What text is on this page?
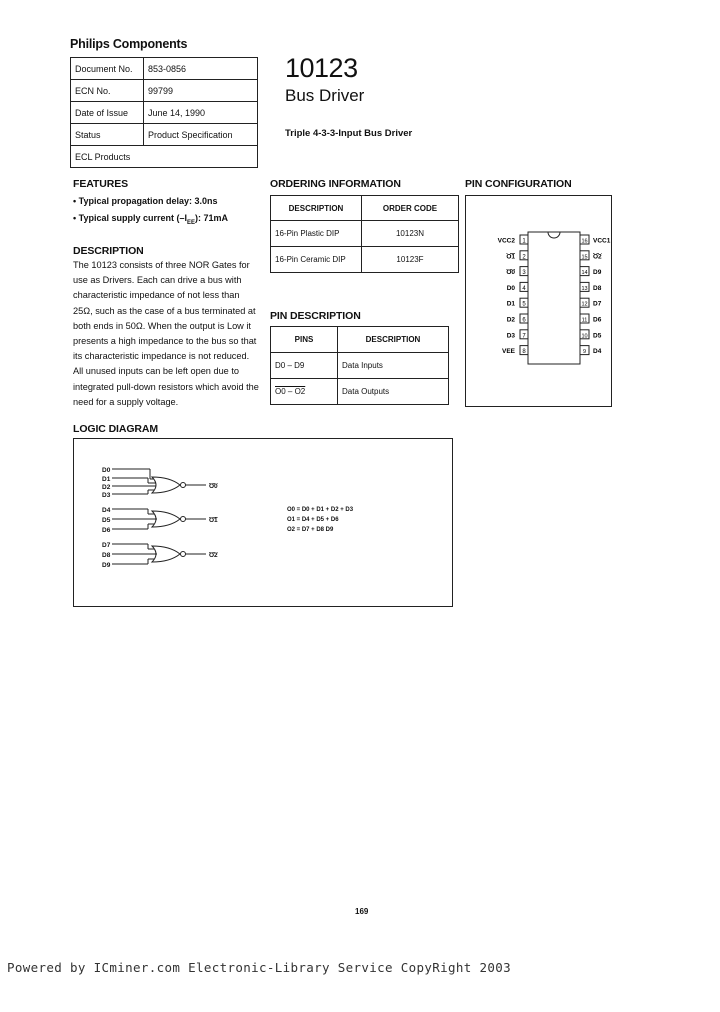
Philips Components
Document No.	853-0856
ECN No.	99799
Date of Issue	June 14, 1990
Status	Product Specification
ECL Products	
10123
Bus Driver
Triple 4-3-3-Input Bus Driver
FEATURES
• Typical propagation delay: 3.0ns
• Typical supply current $(-I_{EE})$: 71mA
DESCRIPTION
The 10123 consists of three NOR Gates for use as Drivers. Each can drive a bus with characteristic impedance of not less than 25Ω, such as the case of a bus terminated at both ends in 50Ω. When the output is Low it presents a high impedance to the bus so that its characteristic impedance is not reduced. All unused inputs can be left open due to integrated pull-down resistors which avoid the need for a supply voltage.
ORDERING INFORMATION
DESCRIPTION	ORDER CODE
16-Pin Plastic DIP	10123N
16-Pin Ceramic DIP	10123F
PIN DESCRIPTION
PINS	DESCRIPTION
D0 – D9	Data Inputs
O0 – O2	Data Outputs
PIN CONFIGURATION
1
VCC2
2
O1
3
O0
4
D0
5
D1
6
D2
7
D3
8
VEE
16 VCC1
15 O2
14 D9
13 D8
12 D7
11 D6
10 D5
9 D4
LOGIC DIAGRAM
D0
D1
D2
D3
D4
D5
D6
D7
D8
D9
O0
O1
O2
O0 = D0 + D1 + D2 + D3
O1 = D4 + D5 + D6
O2 = D7 + D8 D9
169
Powered by ICminer.com Electronic-Library Service CopyRight 2003
